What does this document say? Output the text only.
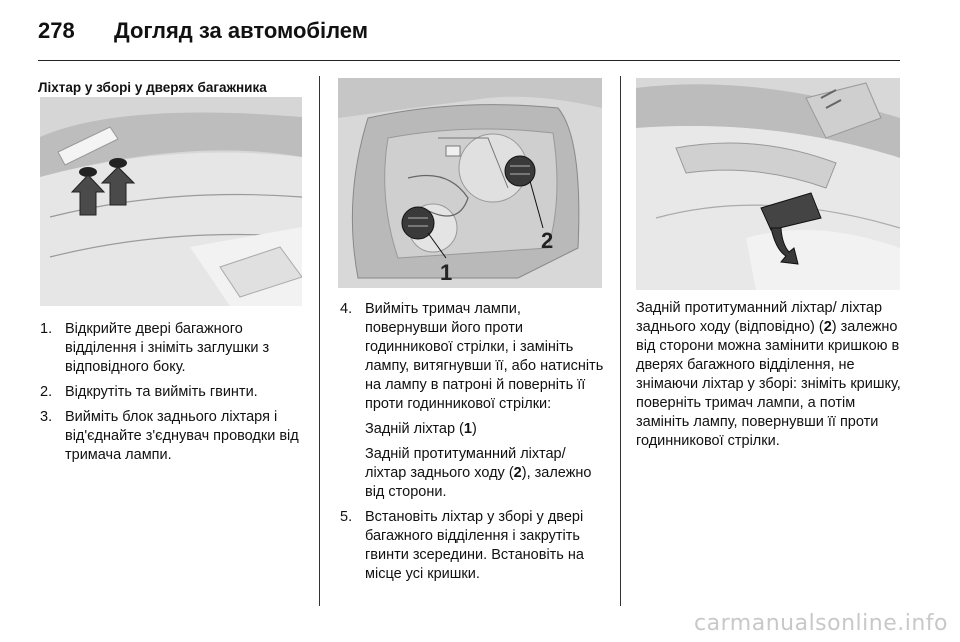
278 Догляд за автомобілем
Ліхтар у зборі у дверях багажника
1. Відкрийте двері багажного відділення і зніміть заглушки з відповідного боку.
2. Відкрутіть та вийміть гвинти.
3. Вийміть блок заднього ліхтаря і від'єднайте з'єднувач проводки від тримача лампи.
1
2
4. Вийміть тримач лампи, повернувши його проти годинникової стрілки, і замініть лампу, витягнувши її, або натисніть на лампу в патроні й поверніть її проти годинникової стрілки:
Задній ліхтар (1)
Задній протитуманний ліхтар/ ліхтар заднього ходу (2), залежно від сторони.
5. Встановіть ліхтар у зборі у двері багажного відділення і закрутіть гвинти зсередини. Встановіть на місце усі кришки.
Задній протитуманний ліхтар/ ліхтар заднього ходу (відповідно) (2) залежно від сторони можна замінити кришкою в дверях багажного відділення, не знімаючи ліхтар у зборі: зніміть кришку, поверніть тримач лампи, а потім замініть лампу, повернувши її проти годинникової стрілки.
carmanualsonline.info
